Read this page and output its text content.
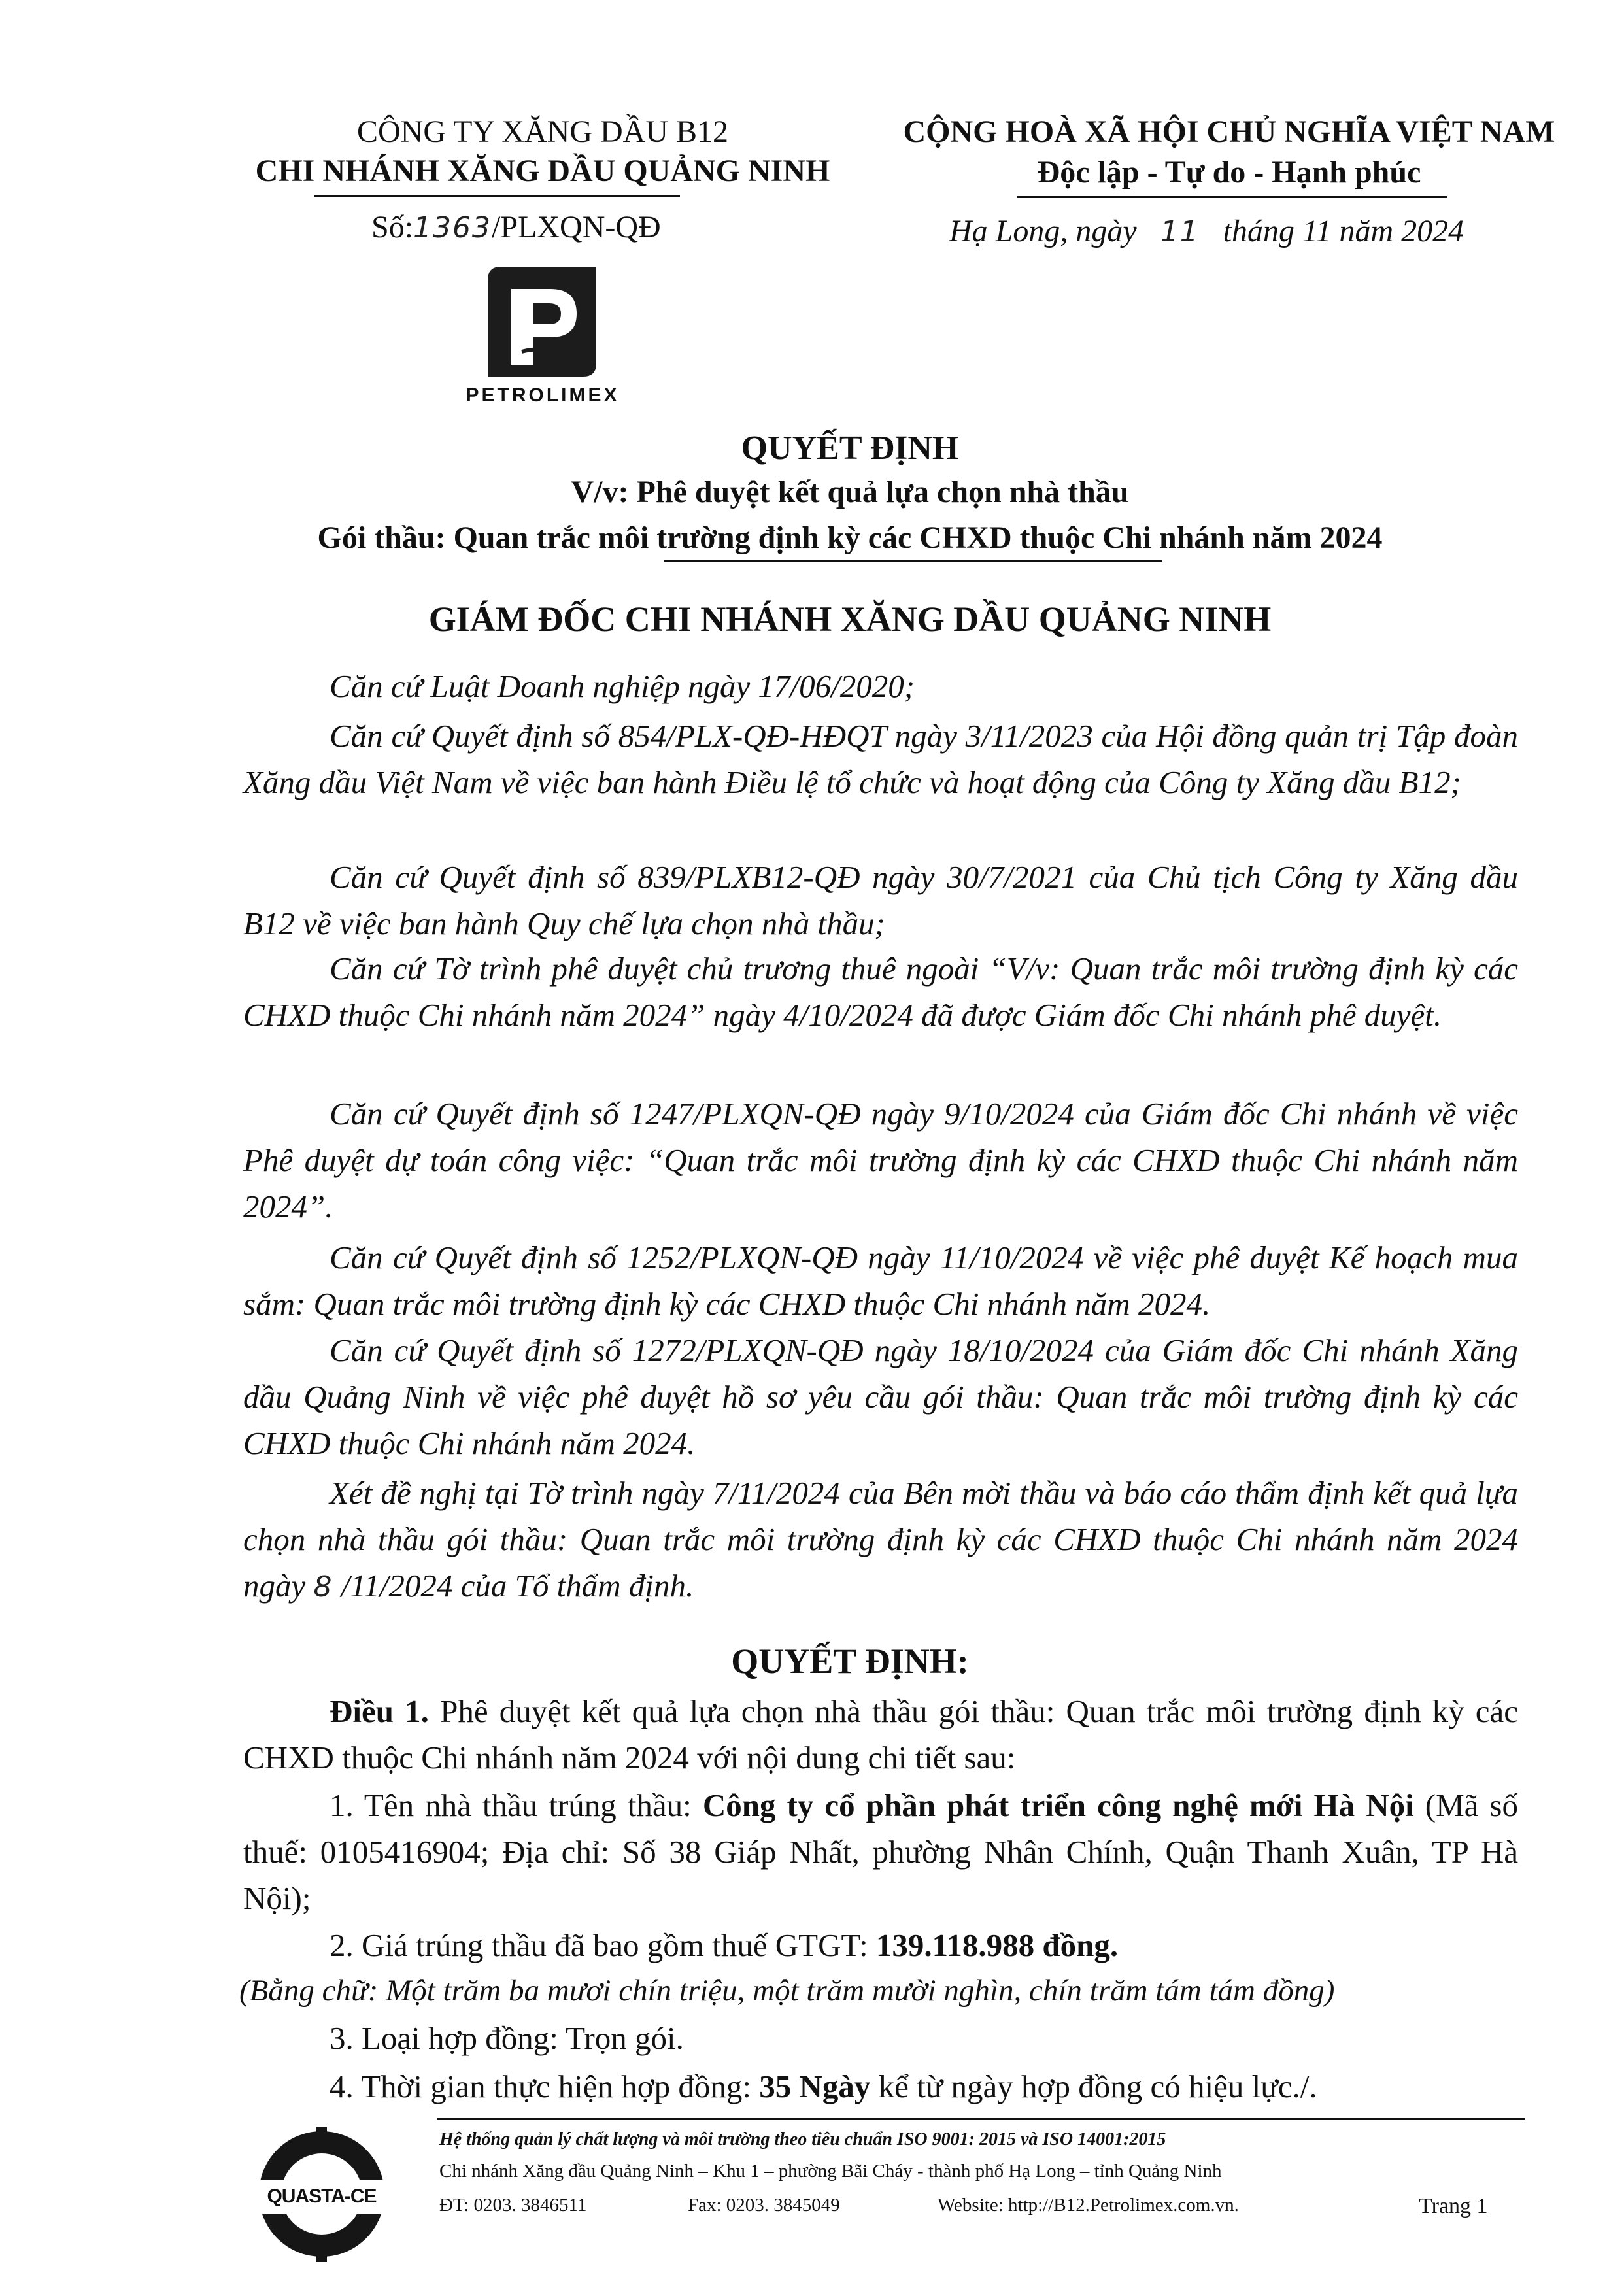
CÔNG TY XĂNG DẦU B12
CHI NHÁNH XĂNG DẦU QUẢNG NINH
Số:1363/PLXQN-QĐ
PETROLIMEX
CỘNG HOÀ XÃ HỘI CHỦ NGHĨA VIỆT NAM
Độc lập - Tự do - Hạnh phúc
Hạ Long, ngày 11 tháng 11 năm 2024
QUYẾT ĐỊNH
V/v: Phê duyệt kết quả lựa chọn nhà thầu
Gói thầu: Quan trắc môi trường định kỳ các CHXD thuộc Chi nhánh năm 2024
GIÁM ĐỐC CHI NHÁNH XĂNG DẦU QUẢNG NINH
Căn cứ Luật Doanh nghiệp ngày 17/06/2020;
Căn cứ Quyết định số 854/PLX-QĐ-HĐQT ngày 3/11/2023 của Hội đồng quản trị Tập đoàn Xăng dầu Việt Nam về việc ban hành Điều lệ tổ chức và hoạt động của Công ty Xăng dầu B12;
Căn cứ Quyết định số 839/PLXB12-QĐ ngày 30/7/2021 của Chủ tịch Công ty Xăng dầu B12 về việc ban hành Quy chế lựa chọn nhà thầu;
Căn cứ Tờ trình phê duyệt chủ trương thuê ngoài “V/v: Quan trắc môi trường định kỳ các CHXD thuộc Chi nhánh năm 2024” ngày 4/10/2024 đã được Giám đốc Chi nhánh phê duyệt.
Căn cứ Quyết định số 1247/PLXQN-QĐ ngày 9/10/2024 của Giám đốc Chi nhánh về việc Phê duyệt dự toán công việc: “Quan trắc môi trường định kỳ các CHXD thuộc Chi nhánh năm 2024”.
Căn cứ Quyết định số 1252/PLXQN-QĐ ngày 11/10/2024 về việc phê duyệt Kế hoạch mua sắm: Quan trắc môi trường định kỳ các CHXD thuộc Chi nhánh năm 2024.
Căn cứ Quyết định số 1272/PLXQN-QĐ ngày 18/10/2024 của Giám đốc Chi nhánh Xăng dầu Quảng Ninh về việc phê duyệt hồ sơ yêu cầu gói thầu: Quan trắc môi trường định kỳ các CHXD thuộc Chi nhánh năm 2024.
Xét đề nghị tại Tờ trình ngày 7/11/2024 của Bên mời thầu và báo cáo thẩm định kết quả lựa chọn nhà thầu gói thầu: Quan trắc môi trường định kỳ các CHXD thuộc Chi nhánh năm 2024 ngày 8 /11/2024 của Tổ thẩm định.
QUYẾT ĐỊNH:
Điều 1. Phê duyệt kết quả lựa chọn nhà thầu gói thầu: Quan trắc môi trường định kỳ các CHXD thuộc Chi nhánh năm 2024 với nội dung chi tiết sau:
1. Tên nhà thầu trúng thầu: Công ty cổ phần phát triển công nghệ mới Hà Nội (Mã số thuế: 0105416904; Địa chỉ: Số 38 Giáp Nhất, phường Nhân Chính, Quận Thanh Xuân, TP Hà Nội);
2. Giá trúng thầu đã bao gồm thuế GTGT: 139.118.988 đồng.
(Bằng chữ: Một trăm ba mươi chín triệu, một trăm mười nghìn, chín trăm tám tám đồng)
3. Loại hợp đồng: Trọn gói.
4. Thời gian thực hiện hợp đồng: 35 Ngày kể từ ngày hợp đồng có hiệu lực./.
QUASTA-CE
Hệ thống quản lý chất lượng và môi trường theo tiêu chuẩn ISO 9001: 2015 và ISO 14001:2015
Chi nhánh Xăng dầu Quảng Ninh – Khu 1 – phường Bãi Cháy - thành phố Hạ Long – tỉnh Quảng Ninh
ĐT: 0203. 3846511	Fax: 0203. 3845049	Website: http://B12.Petrolimex.com.vn.	Trang 1
